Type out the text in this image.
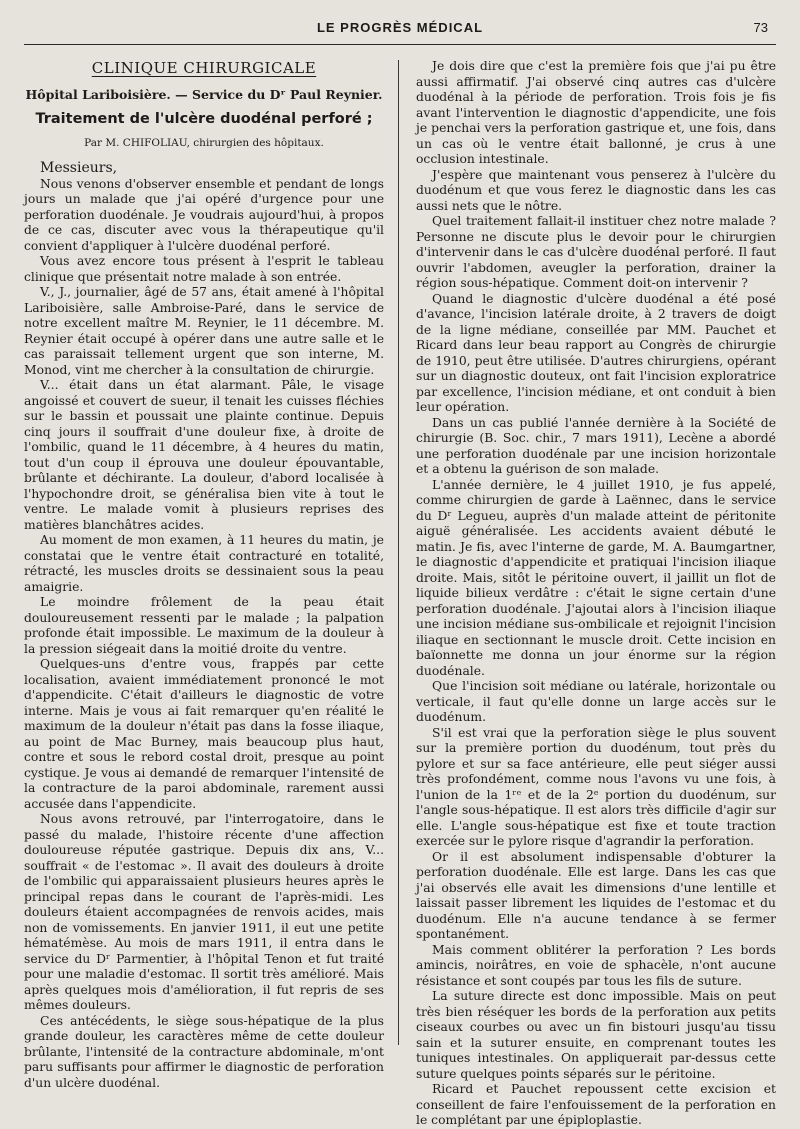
LE PROGRÈS MÉDICAL	73
CLINIQUE CHIRURGICALE
Hôpital Lariboisière. — Service du Dʳ Paul Reynier.
Traitement de l'ulcère duodénal perforé ;
Par M. CHIFOLIAU, chirurgien des hôpitaux.

Messieurs,

Nous venons d'observer ensemble et pendant de longs jours un malade que j'ai opéré d'urgence pour une perforation duodénale. Je voudrais aujourd'hui, à propos de ce cas, discuter avec vous la thérapeutique qu'il convient d'appliquer à l'ulcère duodénal perforé.

Vous avez encore tous présent à l'esprit le tableau clinique que présentait notre malade à son entrée.

V., J., journalier, âgé de 57 ans, était amené à l'hôpital Lariboisière, salle Ambroise-Paré, dans le service de notre excellent maître M. Reynier, le 11 décembre. M. Reynier était occupé à opérer dans une autre salle et le cas paraissait tellement urgent que son interne, M. Monod, vint me chercher à la consultation de chirurgie.

V... était dans un état alarmant. Pâle, le visage angoissé et couvert de sueur, il tenait les cuisses fléchies sur le bassin et poussait une plainte continue. Depuis cinq jours il souffrait d'une douleur fixe, à droite de l'ombilic, quand le 11 décembre, à 4 heures du matin, tout d'un coup il éprouva une douleur épouvantable, brûlante et déchirante. La douleur, d'abord localisée à l'hypochondre droit, se généralisa bien vite à tout le ventre. Le malade vomit à plusieurs reprises des matières blanchâtres acides.

Au moment de mon examen, à 11 heures du matin, je constatai que le ventre était contracturé en totalité, rétracté, les muscles droits se dessinaient sous la peau amaigrie.

Le moindre frôlement de la peau était douloureusement ressenti par le malade ; la palpation profonde était impossible. Le maximum de la douleur à la pression siégeait dans la moitié droite du ventre.

Quelques-uns d'entre vous, frappés par cette localisation, avaient immédiatement prononcé le mot d'appendicite. C'était d'ailleurs le diagnostic de votre interne. Mais je vous ai fait remarquer qu'en réalité le maximum de la douleur n'était pas dans la fosse iliaque, au point de Mac Burney, mais beaucoup plus haut, contre et sous le rebord costal droit, presque au point cystique. Je vous ai demandé de remarquer l'intensité de la contracture de la paroi abdominale, rarement aussi accusée dans l'appendicite.

Nous avons retrouvé, par l'interrogatoire, dans le passé du malade, l'histoire récente d'une affection douloureuse réputée gastrique. Depuis dix ans, V... souffrait « de l'estomac ». Il avait des douleurs à droite de l'ombilic qui apparaissaient plusieurs heures après le principal repas dans le courant de l'après-midi. Les douleurs étaient accompagnées de renvois acides, mais non de vomissements. En janvier 1911, il eut une petite hématémèse. Au mois de mars 1911, il entra dans le service du Dʳ Parmentier, à l'hôpital Tenon et fut traité pour une maladie d'estomac. Il sortit très amélioré. Mais après quelques mois d'amélioration, il fut repris de ses mêmes douleurs.

Ces antécédents, le siège sous-hépatique de la plus grande douleur, les caractères même de cette douleur brûlante, l'intensité de la contracture abdominale, m'ont paru suffisants pour affirmer le diagnostic de perforation d'un ulcère duodénal.

Je dois dire que c'est la première fois que j'ai pu être aussi affirmatif. J'ai observé cinq autres cas d'ulcère duodénal à la période de perforation. Trois fois je fis avant l'intervention le diagnostic d'appendicite, une fois je penchai vers la perforation gastrique et, une fois, dans un cas où le ventre était ballonné, je crus à une occlusion intestinale.

J'espère que maintenant vous penserez à l'ulcère du duodénum et que vous ferez le diagnostic dans les cas aussi nets que le nôtre.

Quel traitement fallait-il instituer chez notre malade ? Personne ne discute plus le devoir pour le chirurgien d'intervenir dans le cas d'ulcère duodénal perforé. Il faut ouvrir l'abdomen, aveugler la perforation, drainer la région sous-hépatique. Comment doit-on intervenir ?

Quand le diagnostic d'ulcère duodénal a été posé d'avance, l'incision latérale droite, à 2 travers de doigt de la ligne médiane, conseillée par MM. Pauchet et Ricard dans leur beau rapport au Congrès de chirurgie de 1910, peut être utilisée. D'autres chirurgiens, opérant sur un diagnostic douteux, ont fait l'incision exploratrice par excellence, l'incision médiane, et ont conduit à bien leur opération.

Dans un cas publié l'année dernière à la Société de chirurgie (B. Soc. chir., 7 mars 1911), Lecène a abordé une perforation duodénale par une incision horizontale et a obtenu la guérison de son malade.

L'année dernière, le 4 juillet 1910, je fus appelé, comme chirurgien de garde à Laënnec, dans le service du Dʳ Legueu, auprès d'un malade atteint de péritonite aiguë généralisée. Les accidents avaient débuté le matin. Je fis, avec l'interne de garde, M. A. Baumgartner, le diagnostic d'appendicite et pratiquai l'incision iliaque droite. Mais, sitôt le péritoine ouvert, il jaillit un flot de liquide bilieux verdâtre : c'était le signe certain d'une perforation duodénale. J'ajoutai alors à l'incision iliaque une incision médiane sus-ombilicale et rejoignit l'incision iliaque en sectionnant le muscle droit. Cette incision en baïonnette me donna un jour énorme sur la région duodénale.

Que l'incision soit médiane ou latérale, horizontale ou verticale, il faut qu'elle donne un large accès sur le duodénum.

S'il est vrai que la perforation siège le plus souvent sur la première portion du duodénum, tout près du pylore et sur sa face antérieure, elle peut siéger aussi très profondément, comme nous l'avons vu une fois, à l'union de la 1ʳᵉ et de la 2ᵉ portion du duodénum, sur l'angle sous-hépatique. Il est alors très difficile d'agir sur elle. L'angle sous-hépatique est fixe et toute traction exercée sur le pylore risque d'agrandir la perforation.

Or il est absolument indispensable d'obturer la perforation duodénale. Elle est large. Dans les cas que j'ai observés elle avait les dimensions d'une lentille et laissait passer librement les liquides de l'estomac et du duodénum. Elle n'a aucune tendance à se fermer spontanément.

Mais comment oblitérer la perforation ? Les bords amincis, noirâtres, en voie de sphacèle, n'ont aucune résistance et sont coupés par tous les fils de suture.

La suture directe est donc impossible. Mais on peut très bien réséquer les bords de la perforation aux petits ciseaux courbes ou avec un fin bistouri jusqu'au tissu sain et la suturer ensuite, en comprenant toutes les tuniques intestinales. On appliquerait par-dessus cette suture quelques points séparés sur le péritoine.

Ricard et Pauchet repoussent cette excision et conseillent de faire l'enfouissement de la perforation en le complétant par une épiploplastie.
